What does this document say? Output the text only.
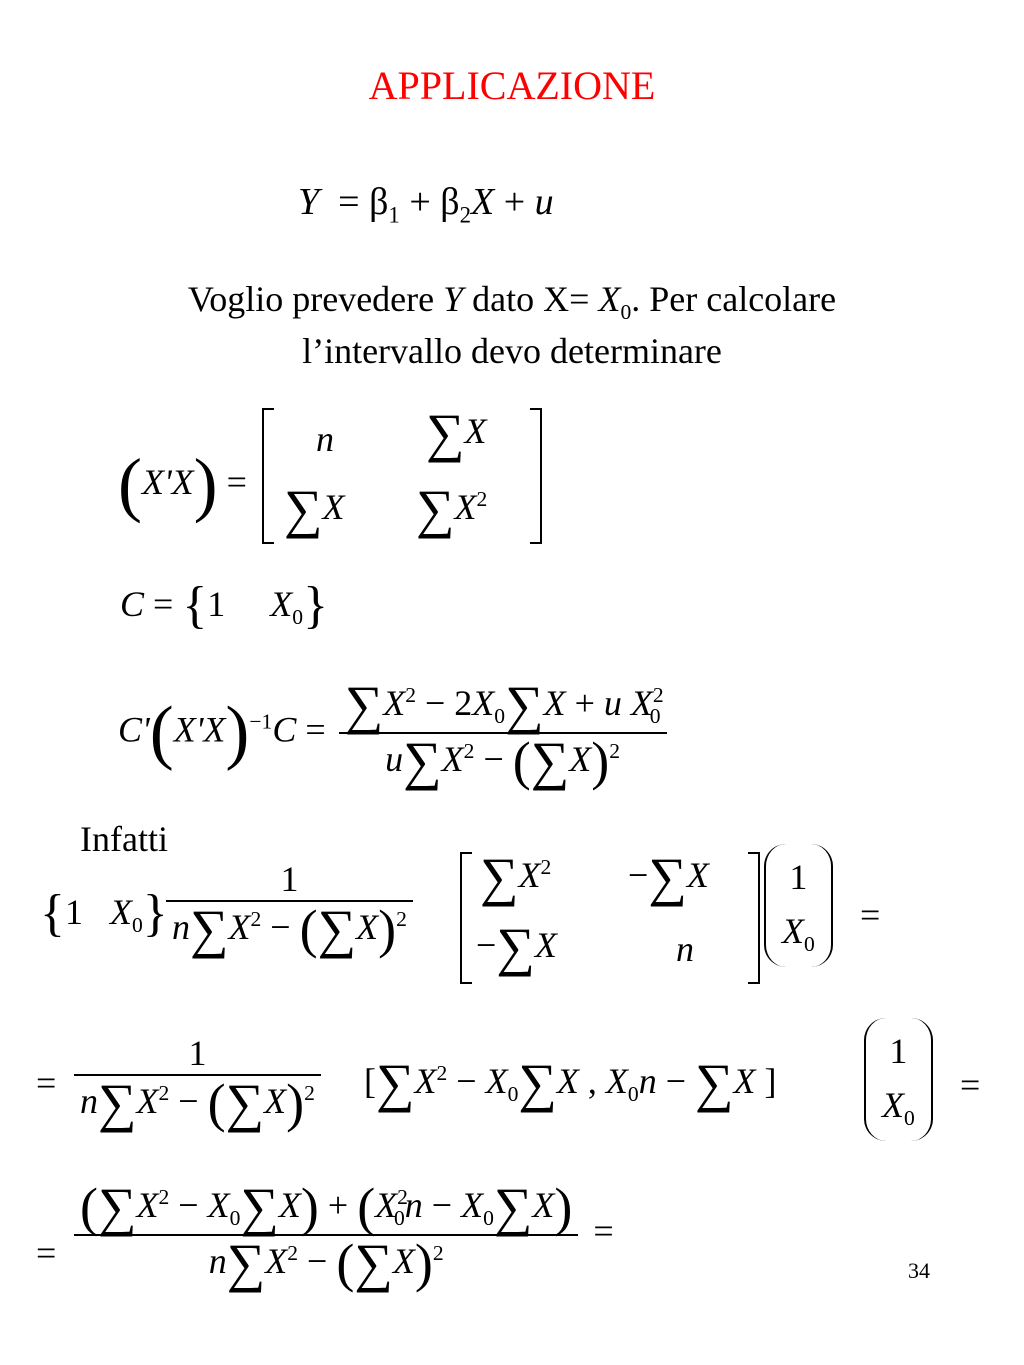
APPLICAZIONE
$Y = \beta_1 + \beta_2X + u$
Voglio prevedere Y dato $X= X_0$. Per calcolare
l’intervallo devo determinare
(X'X) =
n ∑X
∑X $\sum X^2$
C = {1     $X_0$}
$C'(X'X)^{-1}C = \frac{\sum X^2 - 2X_0\sum X + u X^2_0}{u\sum X^2 - (\sum X)^2}$
Infatti
{1   $X_0$}
$\frac{1}{n\sum X^2 - (\sum X)^2} \sum X^2 -\sum X$
−∑X	n
1
$X_0$
=
= $\frac{1}{n\sum X^2 - (\sum X)^2} [\sum X^2 - X_0\sum X$ , $X_0n - \sum X$ ]
1
$X_0$
=
= $\frac{(\sum X^2 - X_0\sum X) + (X^2_0n - X_0\sum X)}{n\sum X^2 - (\sum X)^2}$ =
34
